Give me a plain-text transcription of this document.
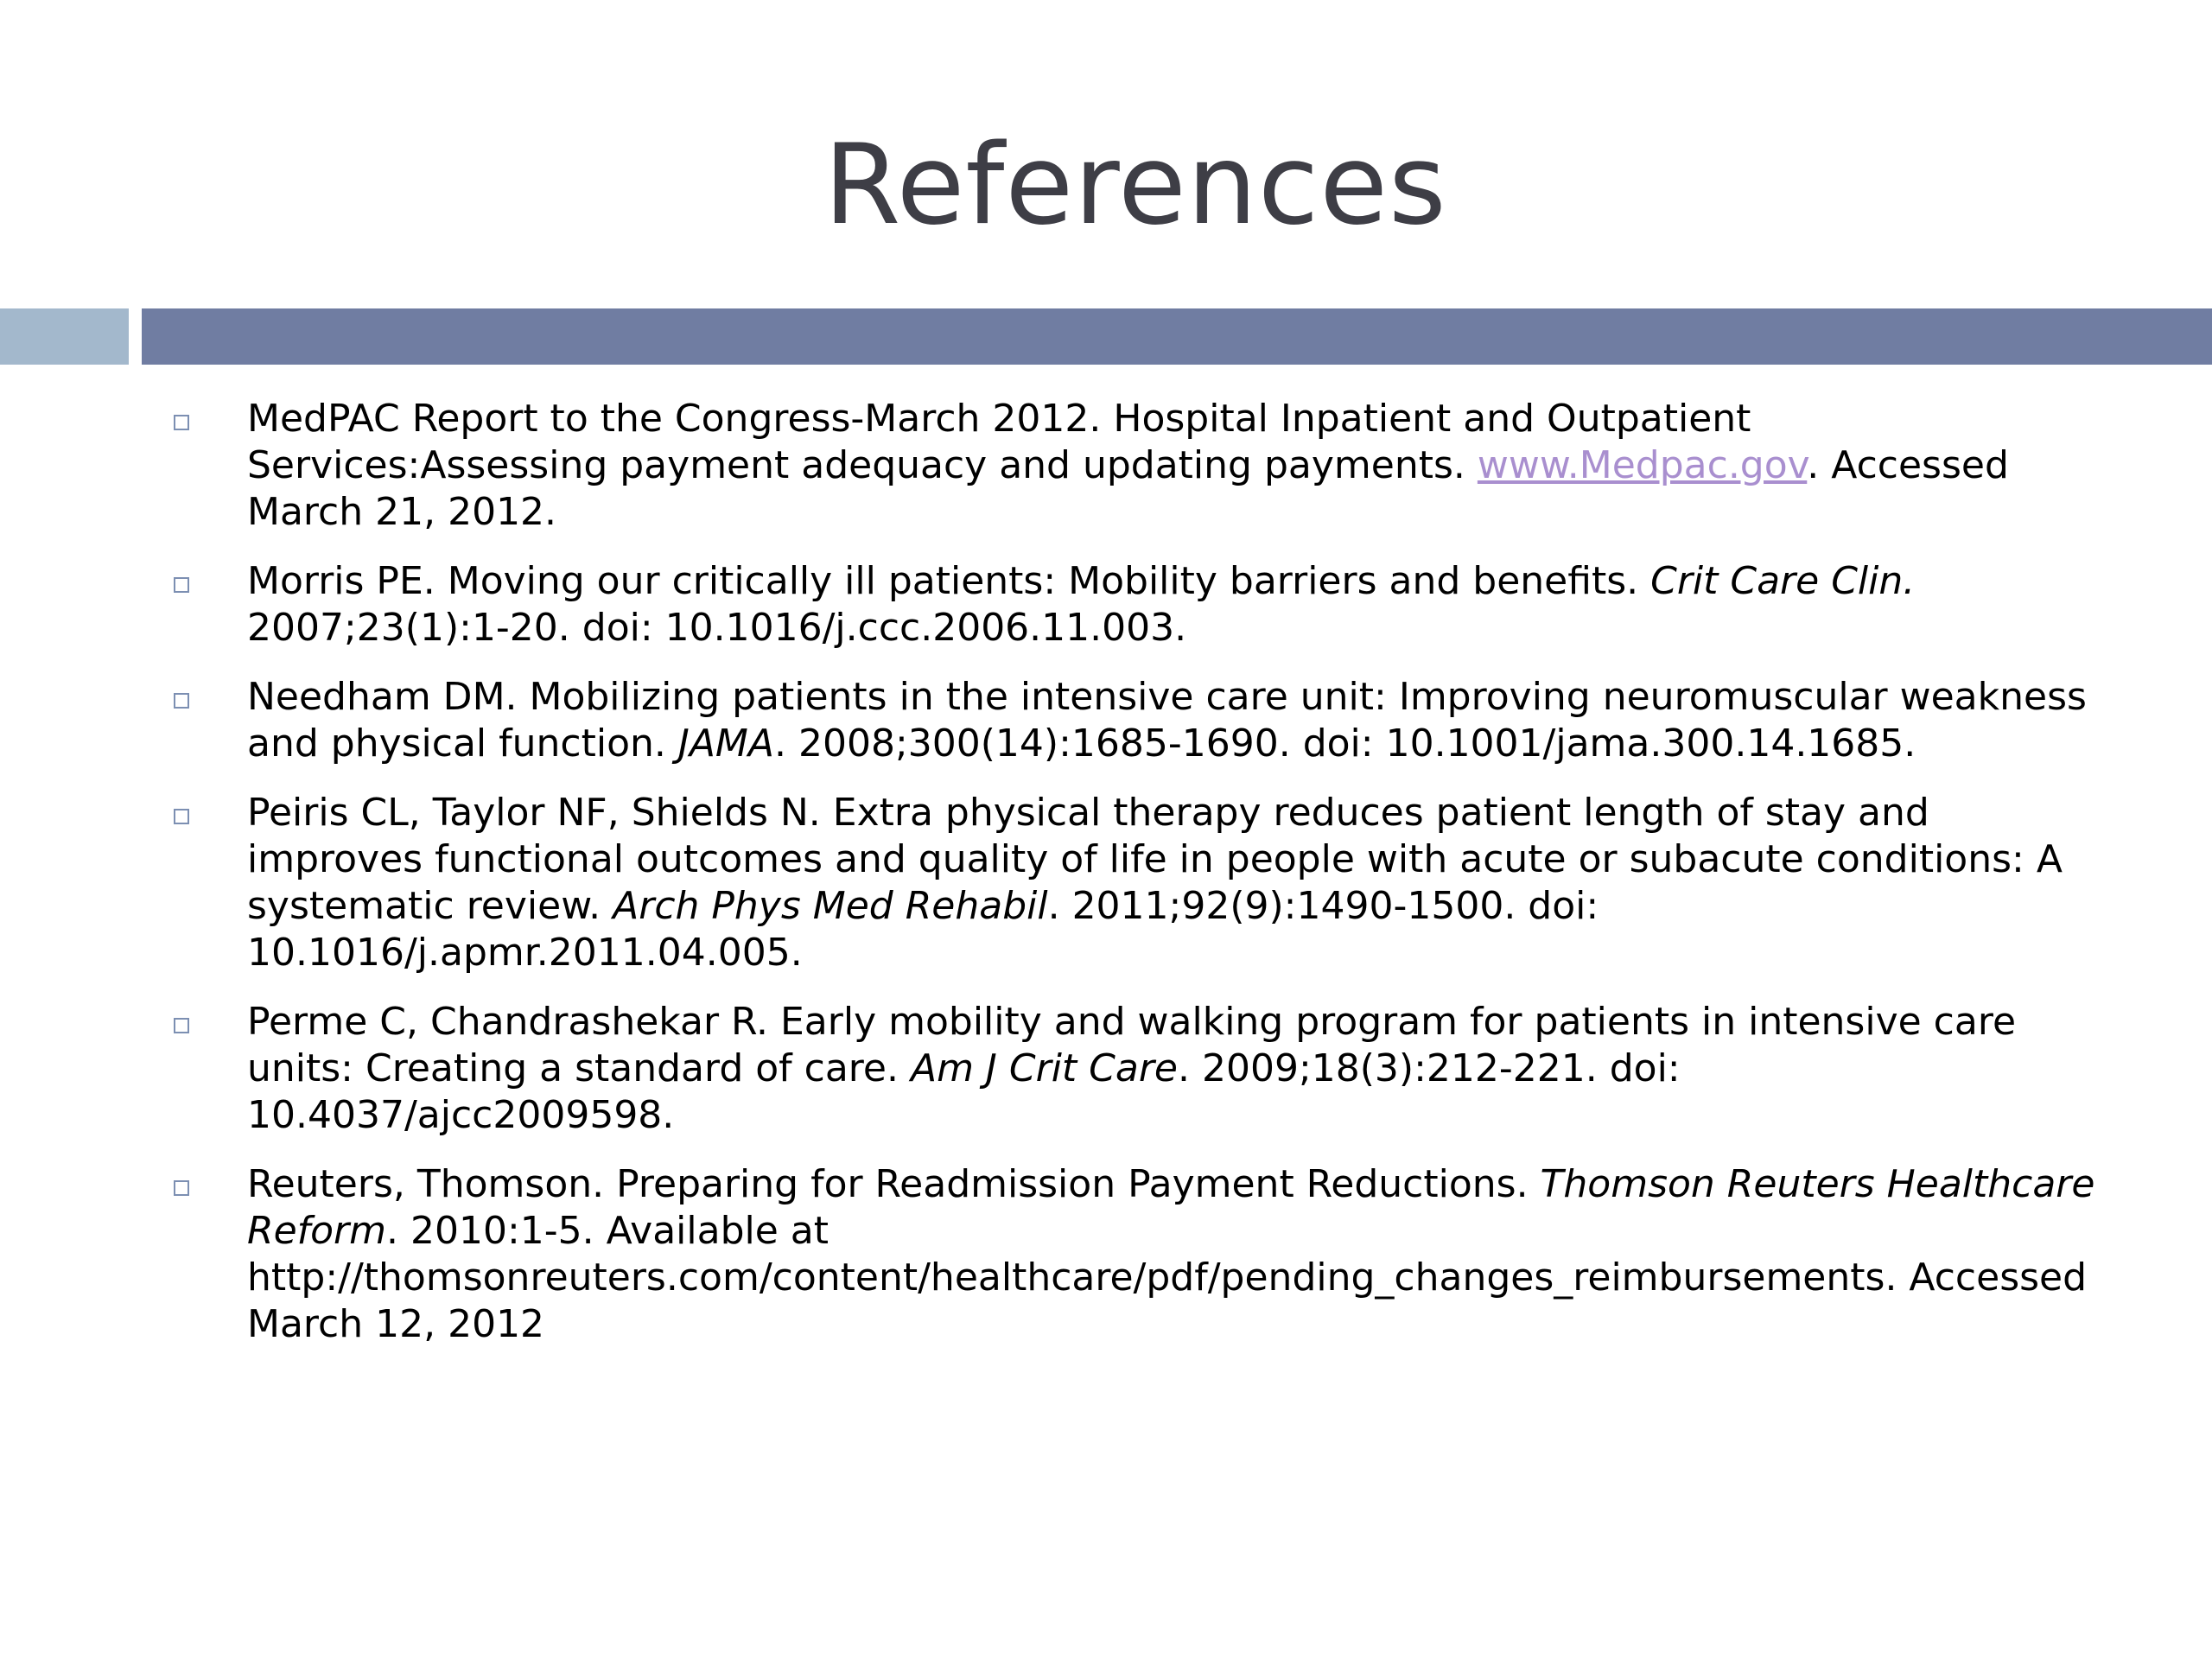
References
MedPAC Report to the Congress-March 2012. Hospital Inpatient and Outpatient Services:Assessing payment adequacy and updating payments. www.Medpac.gov. Accessed March 21, 2012.
Morris PE. Moving our critically ill patients: Mobility barriers and benefits. Crit Care Clin. 2007;23(1):1-20. doi: 10.1016/j.ccc.2006.11.003.
Needham DM. Mobilizing patients in the intensive care unit: Improving neuromuscular weakness and physical function. JAMA. 2008;300(14):1685-1690. doi: 10.1001/jama.300.14.1685.
Peiris CL, Taylor NF, Shields N. Extra physical therapy reduces patient length of stay and improves functional outcomes and quality of life in people with acute or subacute conditions: A systematic review. Arch Phys Med Rehabil. 2011;92(9):1490-1500. doi: 10.1016/j.apmr.2011.04.005.
Perme C, Chandrashekar R. Early mobility and walking program for patients in intensive care units: Creating a standard of care. Am J Crit Care. 2009;18(3):212-221. doi: 10.4037/ajcc2009598.
Reuters, Thomson. Preparing for Readmission Payment Reductions. Thomson Reuters Healthcare Reform. 2010:1-5. Available at http://thomsonreuters.com/content/healthcare/pdf/pending_changes_reimbursements. Accessed March 12, 2012
